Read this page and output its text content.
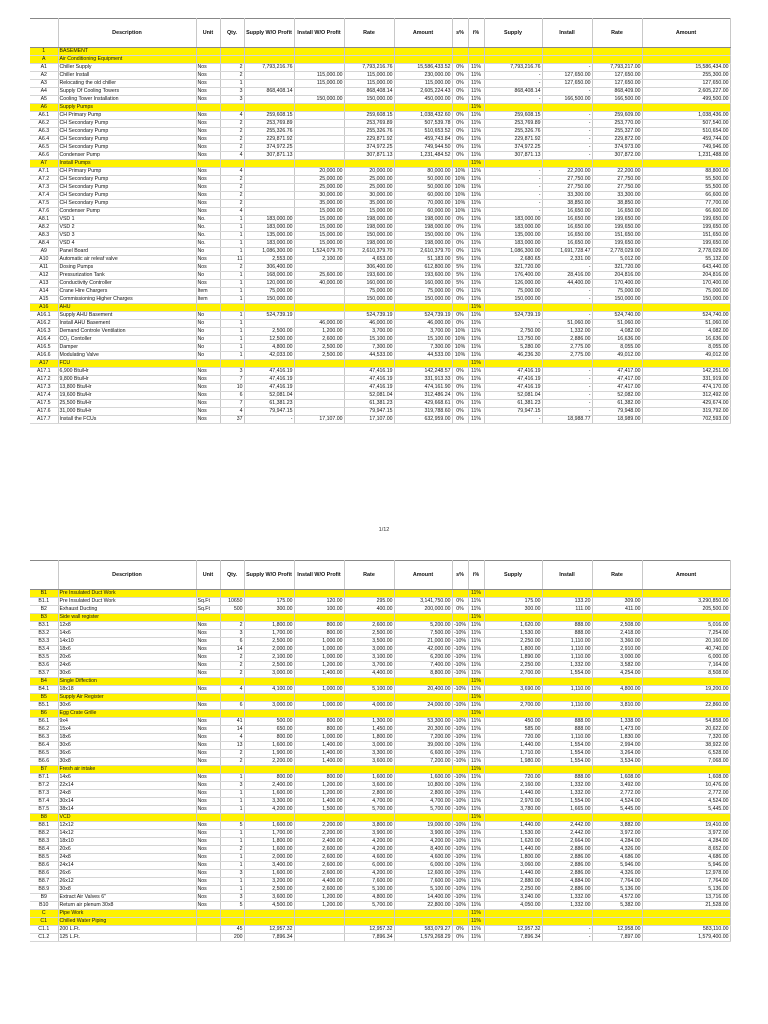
	Description	Unit	Qty.	Supply W/O Profit	Install W/O Profit	Rate	Amount	s%	i%	Supply	Install	Rate	Amount
1	BASEMENT												
A	Air Conditioning Equipment												
A1	Chiller Supply	Nos	2	7,793,216.76		7,793,216.76	15,586,433.52	0%	11%	7,793,216.76	-	7,793,217.00	15,586,434.00
A2	Chiller Install	Nos	2		115,000.00	115,000.00	230,000.00	0%	11%	-	127,650.00	127,650.00	255,300.00
A3	Relocating the old chiller	Nos	1		115,000.00	115,000.00	115,000.00	0%	11%	-	127,650.00	127,650.00	127,650.00
A4	Supply Of Cooling Towers	Nos	3	868,408.14		868,408.14	2,605,224.43	0%	11%	868,408.14	-	868,409.00	2,605,227.00
A5	Cooling Tower Installation	Nos	3		150,000.00	150,000.00	450,000.00	0%	11%	-	166,500.00	166,500.00	499,500.00
A6	Supply Pumps								11%				
A6.1	CH Primary Pump	Nos	4	259,608.15		259,608.15	1,038,432.60	0%	11%	259,608.15	-	259,609.00	1,038,436.00
A6.2	CH Secondary Pump	Nos	2	253,769.89		253,769.89	507,539.78	0%	11%	253,769.89	-	253,770.00	507,540.00
A6.3	CH Secondary Pump	Nos	2	255,326.76		255,326.76	510,653.52	0%	11%	255,326.76	-	255,327.00	510,654.00
A6.4	CH Secondary Pump	Nos	2	229,871.92		229,871.92	459,743.84	0%	11%	229,871.92	-	229,872.00	459,744.00
A6.5	CH Secondary Pump	Nos	2	374,972.25		374,972.25	749,944.50	0%	11%	374,972.25	-	374,973.00	749,946.00
A6.6	Condenser Pump	Nos	4	307,871.13		307,871.13	1,231,484.52	0%	11%	307,871.13	-	307,872.00	1,231,488.00
A7	Install Pumps								11%				
A7.1	CH Primary Pump	Nos	4		20,000.00	20,000.00	80,000.00	10%	11%	-	22,200.00	22,200.00	88,800.00
A7.2	CH Secondary Pump	Nos	2		25,000.00	25,000.00	50,000.00	10%	11%	-	27,750.00	27,750.00	55,500.00
A7.3	CH Secondary Pump	Nos	2		25,000.00	25,000.00	50,000.00	10%	11%	-	27,750.00	27,750.00	55,500.00
A7.4	CH Secondary Pump	Nos	2		30,000.00	30,000.00	60,000.00	10%	11%	-	33,300.00	33,300.00	66,600.00
A7.5	CH Secondary Pump	Nos	2		35,000.00	35,000.00	70,000.00	10%	11%	-	38,850.00	38,850.00	77,700.00
A7.6	Condenser Pump	Nos	4		15,000.00	15,000.00	60,000.00	10%	11%	-	16,650.00	16,650.00	66,600.00
A8.1	VSD 1	No.	1	183,000.00	15,000.00	198,000.00	198,000.00	0%	11%	183,000.00	16,650.00	199,650.00	199,650.00
A8.2	VSD 2	No.	1	183,000.00	15,000.00	198,000.00	198,000.00	0%	11%	183,000.00	16,650.00	199,650.00	199,650.00
A8.3	VSD 3	No.	1	135,000.00	15,000.00	150,000.00	150,000.00	0%	11%	135,000.00	16,650.00	151,650.00	151,650.00
A8.4	VSD 4	No.	1	183,000.00	15,000.00	198,000.00	198,000.00	0%	11%	183,000.00	16,650.00	199,650.00	199,650.00
A9	Panel Board	No	1	1,086,300.00	1,524,079.70	2,610,379.70	2,610,379.70	0%	11%	1,086,300.00	1,691,728.47	2,778,029.00	2,778,029.00
A10	Automatic air releaf valve	Nos	11	2,553.00	2,100.00	4,653.00	51,183.00	5%	11%	2,680.65	2,331.00	5,012.00	55,132.00
A11	Dosing Pumps	Nos	2	306,400.00		306,400.00	612,800.00	5%	11%	321,720.00	-	321,720.00	643,440.00
A12	Pressurization Tank	No	1	168,000.00	25,600.00	193,600.00	193,600.00	5%	11%	176,400.00	28,416.00	204,816.00	204,816.00
A13	Conductivity Controller	Nos	1	120,000.00	40,000.00	160,000.00	160,000.00	5%	11%	126,000.00	44,400.00	170,400.00	170,400.00
A14	Crane Hire Chargers	Item	1	75,000.00		75,000.00	75,000.00	0%	11%	75,000.00	-	75,000.00	75,000.00
A15	Commissioning Higher Charges	Item	1	150,000.00		150,000.00	150,000.00	0%	11%	150,000.00	-	150,000.00	150,000.00
A16	AHU								11%				
A16.1	Supply AHU Basement	No	1	524,739.19		524,739.19	524,739.19	0%	11%	524,739.19	-	524,740.00	524,740.00
A16.2	Install AHU Basement	No	1		46,000.00	46,000.00	46,000.00	0%	11%	-	51,060.00	51,060.00	51,060.00
A16.3	Demand Controle Ventilation	No	1	2,500.00	1,200.00	3,700.00	3,700.00	10%	11%	2,750.00	1,332.00	4,082.00	4,082.00
A16.4	CO₂ Contoller	No	1	12,500.00	2,600.00	15,100.00	15,100.00	10%	11%	13,750.00	2,886.00	16,636.00	16,636.00
A16.5	Damper	No	1	4,800.00	2,500.00	7,300.00	7,300.00	10%	11%	5,280.00	2,775.00	8,055.00	8,055.00
A16.6	Modulating Valve	No	1	42,033.00	2,500.00	44,533.00	44,533.00	10%	11%	46,236.30	2,775.00	49,012.00	49,012.00
A17	FCU								11%				
A17.1	6,900 Btu/Hr	Nos	3	47,416.19		47,416.19	142,248.57	0%	11%	47,416.19	-	47,417.00	142,251.00
A17.2	9,800 Btu/Hr	Nos	7	47,416.19		47,416.19	331,913.33	0%	11%	47,416.19	-	47,417.00	331,919.00
A17.3	13,800 Btu/Hr	Nos	10	47,416.19		47,416.19	474,161.90	0%	11%	47,416.19	-	47,417.00	474,170.00
A17.4	19,600 Btu/Hr	Nos	6	52,081.04		52,081.04	312,486.24	0%	11%	52,081.04	-	52,082.00	312,492.00
A17.5	25,500 Btu/Hr	Nos	7	61,381.23		61,381.23	429,668.61	0%	11%	61,381.23	-	61,382.00	429,674.00
A17.6	31,000 Btu/Hr	Nos	4	79,947.15		79,947.15	319,788.60	0%	11%	79,947.15	-	79,948.00	319,792.00
A17.7	Install the FCUs	Nos	37	-	17,107.00	17,107.00	632,959.00	0%	11%	-	18,988.77	18,989.00	702,593.00
1/12
	Description	Unit	Qty.	Supply W/O Profit	Install W/O Profit	Rate	Amount	s%	i%	Supply	Install	Rate	Amount
B1	Pre Insulated Duct Work								11%				
B1.1	Pre Insulated Duct Work	Sq.Ft	10650	175.00	120.00	295.00	3,141,750.00	0%	11%	175.00	133.20	309.00	3,290,850.00
B2	Exhaust Ducting	Sq.Ft	500	300.00	100.00	400.00	200,000.00	0%	11%	300.00	111.00	411.00	205,500.00
B3	Side wall register								11%				
B3.1	12x8	Nos	2	1,800.00	800.00	2,600.00	5,200.00	-10%	11%	1,620.00	888.00	2,508.00	5,016.00
B3.2	14x6	Nos	3	1,700.00	800.00	2,500.00	7,500.00	-10%	11%	1,530.00	888.00	2,418.00	7,254.00
B3.3	14x10	Nos	6	2,500.00	1,000.00	3,500.00	21,000.00	-10%	11%	2,250.00	1,110.00	3,360.00	20,160.00
B3.4	18x6	Nos	14	2,000.00	1,000.00	3,000.00	42,000.00	-10%	11%	1,800.00	1,110.00	2,910.00	40,740.00
B3.5	20x6	Nos	2	2,100.00	1,000.00	3,100.00	6,200.00	-10%	11%	1,890.00	1,110.00	3,000.00	6,000.00
B3.6	24x6	Nos	2	2,500.00	1,200.00	3,700.00	7,400.00	-10%	11%	2,250.00	1,332.00	3,582.00	7,164.00
B3.7	30x6	Nos	2	3,000.00	1,400.00	4,400.00	8,800.00	-10%	11%	2,700.00	1,554.00	4,254.00	8,508.00
B4	Single Diffection								11%				
B4.1	18x18	Nos	4	4,100.00	1,000.00	5,100.00	20,400.00	-10%	11%	3,690.00	1,110.00	4,800.00	19,200.00
B5	Supply Air Register								11%				
B5.1	30x6	Nos	6	3,000.00	1,000.00	4,000.00	24,000.00	-10%	11%	2,700.00	1,110.00	3,810.00	22,860.00
B6	Egg Crate Grille								11%				
B6.1	9x4	Nos	41	500.00	800.00	1,300.00	53,300.00	-10%	11%	450.00	888.00	1,338.00	54,858.00
B6.2	15x4	Nos	14	650.00	800.00	1,450.00	20,300.00	-10%	11%	585.00	888.00	1,473.00	20,622.00
B6.3	18x6	Nos	4	800.00	1,000.00	1,800.00	7,200.00	-10%	11%	720.00	1,110.00	1,830.00	7,320.00
B6.4	30x6	Nos	13	1,600.00	1,400.00	3,000.00	39,000.00	-10%	11%	1,440.00	1,554.00	2,994.00	38,922.00
B6.5	36x6	Nos	2	1,900.00	1,400.00	3,300.00	6,600.00	-10%	11%	1,710.00	1,554.00	3,264.00	6,528.00
B6.6	30x8	Nos	2	2,200.00	1,400.00	3,600.00	7,200.00	-10%	11%	1,980.00	1,554.00	3,534.00	7,068.00
B7	Fresh air intake								11%				
B7.1	14x6	Nos	1	800.00	800.00	1,600.00	1,600.00	-10%	11%	720.00	888.00	1,608.00	1,608.00
B7.2	22x14	Nos	3	2,400.00	1,200.00	3,600.00	10,800.00	-10%	11%	2,160.00	1,332.00	3,492.00	10,476.00
B7.3	24x8	Nos	1	1,600.00	1,200.00	2,800.00	2,800.00	-10%	11%	1,440.00	1,332.00	2,772.00	2,772.00
B7.4	30x14	Nos	1	3,300.00	1,400.00	4,700.00	4,700.00	-10%	11%	2,970.00	1,554.00	4,524.00	4,524.00
B7.5	38x14	Nos	1	4,200.00	1,500.00	5,700.00	5,700.00	-10%	11%	3,780.00	1,665.00	5,445.00	5,445.00
B8	VCD								11%				
B8.1	12x12	Nos	5	1,600.00	2,200.00	3,800.00	19,000.00	-10%	11%	1,440.00	2,442.00	3,882.00	19,410.00
B8.2	14x12	Nos	1	1,700.00	2,200.00	3,900.00	3,900.00	-10%	11%	1,530.00	2,442.00	3,972.00	3,972.00
B8.3	18x10	Nos	1	1,800.00	2,400.00	4,200.00	4,200.00	-10%	11%	1,620.00	2,664.00	4,284.00	4,284.00
B8.4	20x6	Nos	2	1,600.00	2,600.00	4,200.00	8,400.00	-10%	11%	1,440.00	2,886.00	4,326.00	8,652.00
B8.5	24x8	Nos	1	2,000.00	2,600.00	4,600.00	4,600.00	-10%	11%	1,800.00	2,886.00	4,686.00	4,686.00
B8.6	24x14	Nos	1	3,400.00	2,600.00	6,000.00	6,000.00	-10%	11%	3,060.00	2,886.00	5,946.00	5,946.00
B8.6	26x6	Nos	3	1,600.00	2,600.00	4,200.00	12,600.00	-10%	11%	1,440.00	2,886.00	4,326.00	12,978.00
B8.7	26x12	Nos	1	3,200.00	4,400.00	7,600.00	7,600.00	-10%	11%	2,880.00	4,884.00	7,764.00	7,764.00
B8.9	30x8	Nos	1	2,500.00	2,600.00	5,100.00	5,100.00	-10%	11%	2,250.00	2,886.00	5,136.00	5,136.00
B9	Extract Air Valves 6"	Nos	3	3,600.00	1,200.00	4,800.00	14,400.00	-10%	11%	3,240.00	1,332.00	4,572.00	13,716.00
B10	Return air plenum 30x8	Nos	5	4,500.00	1,200.00	5,700.00	22,800.00	-10%	11%	4,050.00	1,332.00	5,382.00	21,528.00
C	Pipe Work								11%				
C1	Chilled Water Piping								11%				
C1.1	200 L.Ft.		45	12,957.32		12,957.32	583,079.27	0%	11%	12,957.32	-	12,958.00	583,110.00
C1.2	125 L.Ft.		200	7,896.34		7,896.34	1,579,268.29	0%	11%	7,896.34	-	7,897.00	1,579,400.00
